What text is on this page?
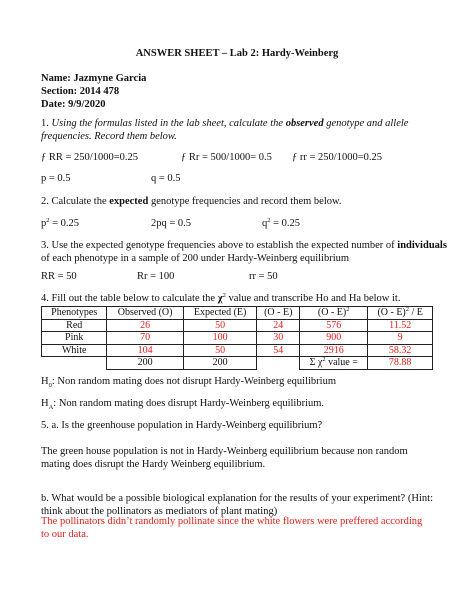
ANSWER SHEET – Lab 2: Hardy-Weinberg
Name: Jazmyne Garcia
Section: 2014 478
Date: 9/9/2020
1. Using the formulas listed in the lab sheet, calculate the observed genotype and allele frequencies. Record them below.
ƒ RR = 250/1000=0.25	ƒ Rr = 500/1000= 0.5 ƒ rr = 250/1000=0.25
p = 0.5	q = 0.5
2. Calculate the expected genotype frequencies and record them below.
$p^2 = 0.25$	2pq = 0.5	$q^2 = 0.25$
3. Use the expected genotype frequencies above to establish the expected number of individuals
of each phenotype in a sample of 200 under Hardy-Weinberg equilibrium
RR = 50	Rr = 100	rr = 50
4. Fill out the table below to calculate the $\chi^2$ value and transcribe Ho and Ha below it.
Phenotypes	Observed (O)	Expected (E)	(O - E)	(O - E)$^2$	(O - E)$^2$ / E
Red	26	50	24	576	11.52
Pink	70	100	30	900	9
White	104	50	54	2916	58.32
	200	200		Σ $\chi^2$ value =	78.88
$H_0$: Non random mating does not disrupt Hardy-Weinberg equilibrium
$H_A$: Non random mating does disrupt Hardy-Weinberg equilibrium.
5. a. Is the greenhouse population in Hardy-Weinberg equilibrium?
The green house population is not in Hardy-Weinberg equilibrium because non random mating does disrupt the Hardy Weinberg equilibrium.
b. What would be a possible biological explanation for the results of your experiment? (Hint: think about the pollinators as mediators of plant mating)
The pollinators didn’t randomly pollinate since the white flowers were preffered according to our data.
